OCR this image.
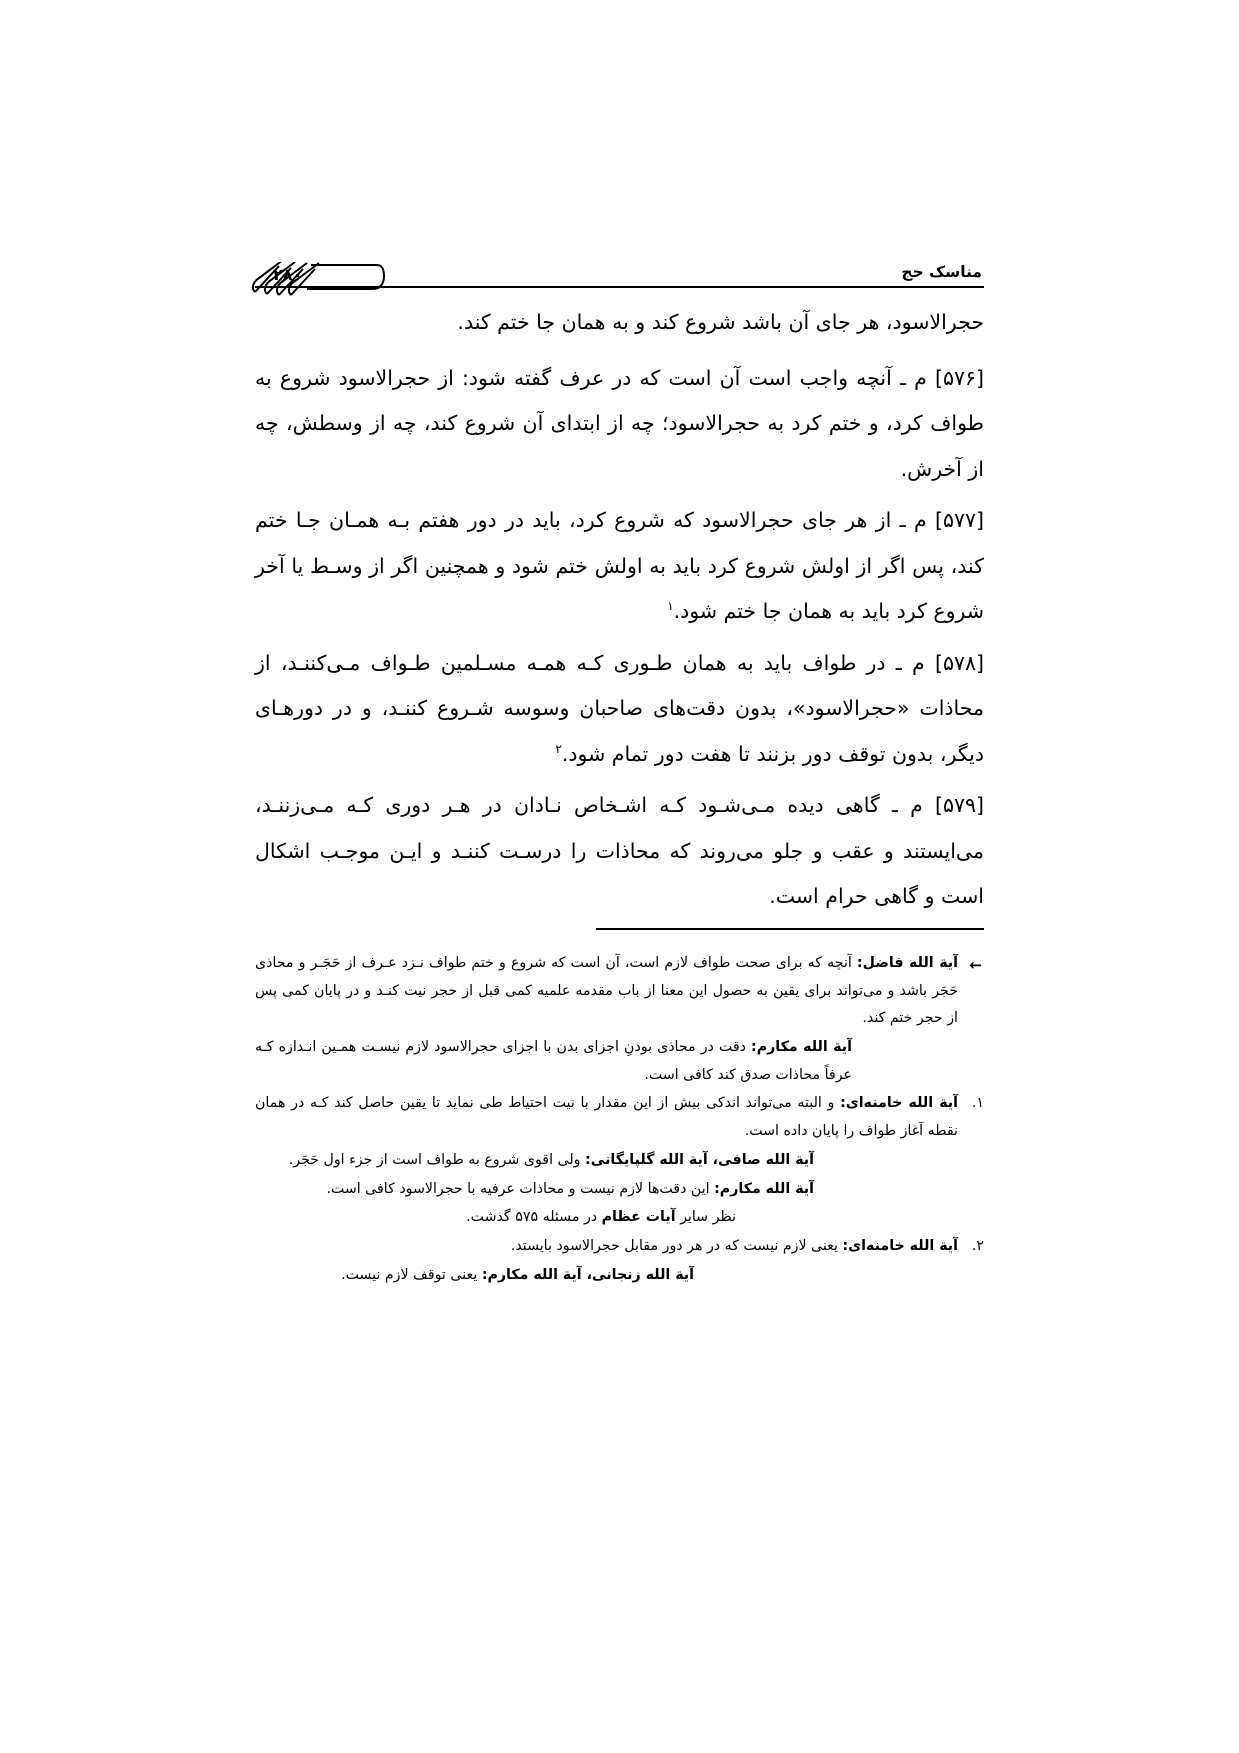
مناسک حج
۲۸۰

حجرالاسود، هر جای آن باشد شروع کند و به همان جا ختم کند.

[۵۷۶] م ـ آنچه واجب است آن است که در عرف گفته شود: از حجرالاسود شروع به طواف کرد، و ختم کرد به حجرالاسود؛ چه از ابتدای آن شروع کند، چه از وسطش، چه از آخرش.

[۵۷۷] م ـ از هر جای حجرالاسود که شروع کرد، باید در دور هفتم بـه همـان جـا ختم کند، پس اگر از اولش شروع کرد باید به اولش ختم شود و همچنین اگر از وسـط یا آخر شروع کرد باید به همان جا ختم شود.$^۱$

[۵۷۸] م ـ در طواف باید به همان طـوری کـه همـه مسـلمین طـواف مـی‌کننـد، از محاذات «حجرالاسود»، بدون دقت‌های صاحبان وسوسه شـروع کننـد، و در دورهـای دیگر، بدون توقف دور بزنند تا هفت دور تمام شود.$^۲$

[۵۷۹] م ـ گاهی دیده مـی‌شـود کـه اشـخاص نـادان در هـر دوری کـه مـی‌زننـد، می‌ایستند و عقب و جلو می‌روند که محاذات را درسـت کننـد و ایـن موجـب اشکال است و گاهی حرام است.

← آية الله فاضل: آنچه که برای صحت طواف لازم است، آن است که شروع و ختم طواف نـزد عـرف از حَجَـر و محاذی حَجَر باشد و می‌تواند برای یقین به حصول این معنا از باب مقدمه علمیه کمی قبل از حجر نیت کنـد و در پایان کمی پس از حجر ختم کند.

آية الله مكارم: دقت در محاذی بودنِ اجزای بدن با اجزای حجرالاسود لازم نیسـت همـین انـدازه کـه عرفاً محاذات صدق کند کافی است.

۱.
آية الله خامنه‌ای: و البته می‌تواند اندکی بیش از این مقدار با نیت احتیاط طی نماید تا یقین حاصل کند کـه در همان نقطه آغاز طواف را پایان داده است.

آية الله صافی، آية الله گلپايگانی: ولی اقوی شروع به طواف است از جزء اول حَجَر.

آية الله مكارم: این دقت‌ها لازم نیست و محاذات عرفیه با حجرالاسود کافی است.

نظر سایر آيات عظام در مسئله ۵۷۵ گذشت.

۲.
آية الله خامنه‌ای: یعنی لازم نیست که در هر دور مقابل حجرالاسود بایستد.

آية الله زنجانی، آية الله مكارم: یعنی توقف لازم نیست.
